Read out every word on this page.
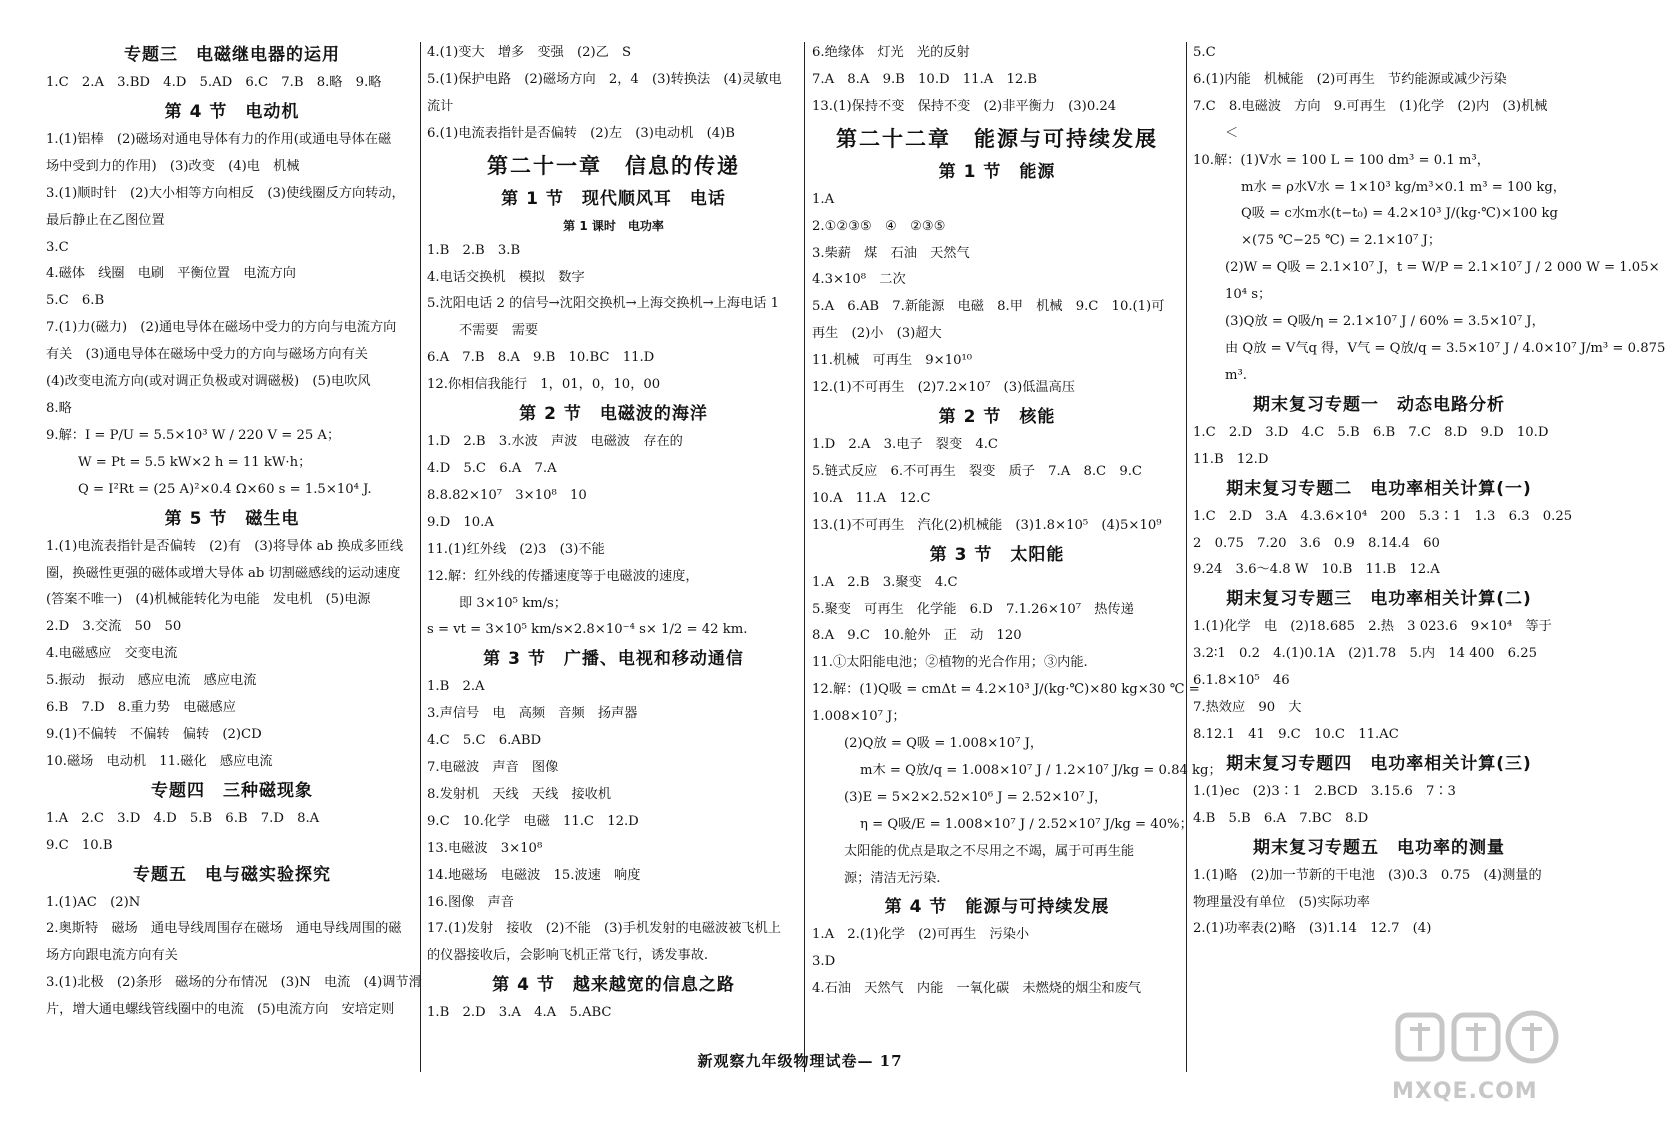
专题三　电磁继电器的运用
1.C　2.A　3.BD　4.D　5.AD　6.C　7.B　8.略　9.略
第 4 节　电动机
1.(1)铝棒　(2)磁场对通电导体有力的作用(或通电导体在磁
场中受到力的作用)　(3)改变　(4)电　机械
3.(1)顺时针　(2)大小相等方向相反　(3)使线圈反方向转动，
最后静止在乙图位置
3.C
4.磁体　线圈　电刷　平衡位置　电流方向
5.C　6.B
7.(1)力(磁力)　(2)通电导体在磁场中受力的方向与电流方向
有关　(3)通电导体在磁场中受力的方向与磁场方向有关
(4)改变电流方向(或对调正负极或对调磁极)　(5)电吹风
8.略
9.解：I = P/U = 5.5×10³ W / 220 V = 25 A；
W = Pt = 5.5 kW×2 h = 11 kW·h；
Q = I²Rt = (25 A)²×0.4 Ω×60 s = 1.5×10⁴ J.
第 5 节　磁生电
1.(1)电流表指针是否偏转　(2)有　(3)将导体 ab 换成多匝线
圈，换磁性更强的磁体或增大导体 ab 切割磁感线的运动速度
(答案不唯一)　(4)机械能转化为电能　发电机　(5)电源
2.D　3.交流　50　50
4.电磁感应　交变电流
5.振动　振动　感应电流　感应电流
6.B　7.D　8.重力势　电磁感应
9.(1)不偏转　不偏转　偏转　(2)CD
10.磁场　电动机　11.磁化　感应电流
专题四　三种磁现象
1.A　2.C　3.D　4.D　5.B　6.B　7.D　8.A
9.C　10.B
专题五　电与磁实验探究
1.(1)AC　(2)N
2.奥斯特　磁场　通电导线周围存在磁场　通电导线周围的磁
场方向跟电流方向有关
3.(1)北极　(2)条形　磁场的分布情况　(3)N　电流　(4)调节滑
片，增大通电螺线管线圈中的电流　(5)电流方向　安培定则
4.(1)变大　增多　变强　(2)乙　S
5.(1)保护电路　(2)磁场方向　2，4　(3)转换法　(4)灵敏电
流计
6.(1)电流表指针是否偏转　(2)左　(3)电动机　(4)B
第二十一章　信息的传递
第 1 节　现代顺风耳　电话
第 1 课时　电功率
1.B　2.B　3.B
4.电话交换机　模拟　数字
5.沈阳电话 2 的信号→沈阳交换机→上海交换机→上海电话 1
不需要　需要
6.A　7.B　8.A　9.B　10.BC　11.D
12.你相信我能行　1，01，0，10，00
第 2 节　电磁波的海洋
1.D　2.B　3.水波　声波　电磁波　存在的
4.D　5.C　6.A　7.A
8.8.82×10⁷　3×10⁸　10
9.D　10.A
11.(1)红外线　(2)3　(3)不能
12.解：红外线的传播速度等于电磁波的速度，
即 3×10⁵ km/s；
s = vt = 3×10⁵ km/s×2.8×10⁻⁴ s× 1/2 = 42 km.
第 3 节　广播、电视和移动通信
1.B　2.A
3.声信号　电　高频　音频　扬声器
4.C　5.C　6.ABD
7.电磁波　声音　图像
8.发射机　天线　天线　接收机
9.C　10.化学　电磁　11.C　12.D
13.电磁波　3×10⁸
14.地磁场　电磁波　15.波速　响度
16.图像　声音
17.(1)发射　接收　(2)不能　(3)手机发射的电磁波被飞机上
的仪器接收后，会影响飞机正常飞行，诱发事故.
第 4 节　越来越宽的信息之路
1.B　2.D　3.A　4.A　5.ABC
6.绝缘体　灯光　光的反射
7.A　8.A　9.B　10.D　11.A　12.B
13.(1)保持不变　保持不变　(2)非平衡力　(3)0.24
第二十二章　能源与可持续发展
第 1 节　能源
1.A
2.①②③⑤　④　②③⑤
3.柴薪　煤　石油　天然气
4.3×10⁸　二次
5.A　6.AB　7.新能源　电磁　8.甲　机械　9.C　10.(1)可
再生　(2)小　(3)超大
11.机械　可再生　9×10¹⁰
12.(1)不可再生　(2)7.2×10⁷　(3)低温高压
第 2 节　核能
1.D　2.A　3.电子　裂变　4.C
5.链式反应　6.不可再生　裂变　质子　7.A　8.C　9.C
10.A　11.A　12.C
13.(1)不可再生　汽化(2)机械能　(3)1.8×10⁵　(4)5×10⁹
第 3 节　太阳能
1.A　2.B　3.聚变　4.C
5.聚变　可再生　化学能　6.D　7.1.26×10⁷　热传递
8.A　9.C　10.舱外　正　动　120
11.①太阳能电池；②植物的光合作用；③内能.
12.解：(1)Q吸 = cmΔt = 4.2×10³ J/(kg·℃)×80 kg×30 ℃ =
1.008×10⁷ J；
(2)Q放 = Q吸 = 1.008×10⁷ J，
m木 = Q放/q = 1.008×10⁷ J / 1.2×10⁷ J/kg = 0.84 kg；
(3)E = 5×2×2.52×10⁶ J = 2.52×10⁷ J，
η = Q吸/E = 1.008×10⁷ J / 2.52×10⁷ J/kg = 40%；
太阳能的优点是取之不尽用之不竭，属于可再生能
源；清洁无污染.
第 4 节　能源与可持续发展
1.A　2.(1)化学　(2)可再生　污染小
3.D
4.石油　天然气　内能　一氧化碳　未燃烧的烟尘和废气
5.C
6.(1)内能　机械能　(2)可再生　节约能源或减少污染
7.C　8.电磁波　方向　9.可再生　(1)化学　(2)内　(3)机械
＜
10.解：(1)V水 = 100 L = 100 dm³ = 0.1 m³，
m水 = ρ水V水 = 1×10³ kg/m³×0.1 m³ = 100 kg，
Q吸 = c水m水(t−t₀) = 4.2×10³ J/(kg·℃)×100 kg
×(75 ℃−25 ℃) = 2.1×10⁷ J；
(2)W = Q吸 = 2.1×10⁷ J，t = W/P = 2.1×10⁷ J / 2 000 W = 1.05×
10⁴ s；
(3)Q放 = Q吸/η = 2.1×10⁷ J / 60% = 3.5×10⁷ J，
由 Q放 = V气q 得，V气 = Q放/q = 3.5×10⁷ J / 4.0×10⁷ J/m³ = 0.875
m³.
期末复习专题一　动态电路分析
1.C　2.D　3.D　4.C　5.B　6.B　7.C　8.D　9.D　10.D
11.B　12.D
期末复习专题二　电功率相关计算(一)
1.C　2.D　3.A　4.3.6×10⁴　200　5.3∶1　1.3　6.3　0.25
2　0.75　7.20　3.6　0.9　8.14.4　60
9.24　3.6～4.8 W　10.B　11.B　12.A
期末复习专题三　电功率相关计算(二)
1.(1)化学　电　(2)18.685　2.热　3 023.6　9×10⁴　等于
3.2∶1　0.2　4.(1)0.1A　(2)1.78　5.内　14 400　6.25
6.1.8×10⁵　46
7.热效应　90　大
8.12.1　41　9.C　10.C　11.AC
期末复习专题四　电功率相关计算(三)
1.(1)ec　(2)3∶1　2.BCD　3.15.6　7∶3
4.B　5.B　6.A　7.BC　8.D
期末复习专题五　电功率的测量
1.(1)略　(2)加一节新的干电池　(3)0.3　0.75　(4)测量的
物理量没有单位　(5)实际功率
2.(1)功率表(2)略　(3)1.14　12.7　(4)
新观察九年级物理试卷— 17
MXQE.COM
